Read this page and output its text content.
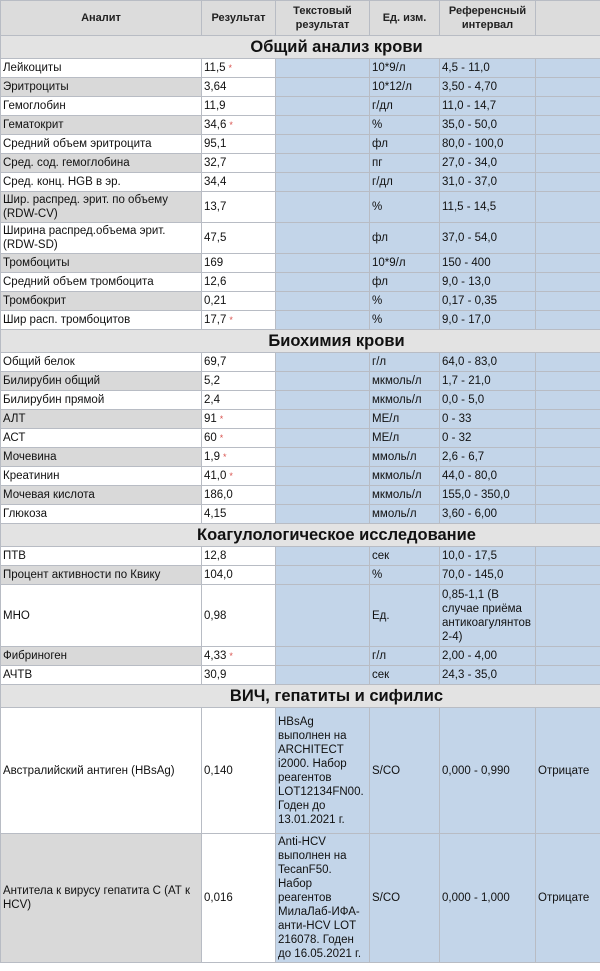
Аналит	Результат	Текстовый результат	Ед. изм.	Референсный интервал	
Общий анализ крови					
Лейкоциты	11,5 *		10*9/л	4,5 - 11,0	
Эритроциты	3,64		10*12/л	3,50 - 4,70	
Гемоглобин	11,9		г/дл	11,0 - 14,7	
Гематокрит	34,6 *		%	35,0 - 50,0	
Средний объем эритроцита	95,1		фл	80,0 - 100,0	
Сред. сод. гемоглобина	32,7		пг	27,0 - 34,0	
Сред. конц. HGB в эр.	34,4		г/дл	31,0 - 37,0	
Шир. распред. эрит. по объему (RDW-CV)	13,7		%	11,5 - 14,5	
Ширина распред.объема эрит. (RDW-SD)	47,5		фл	37,0 - 54,0	
Тромбоциты	169		10*9/л	150 - 400	
Средний объем тромбоцита	12,6		фл	9,0 - 13,0	
Тромбокрит	0,21		%	0,17 - 0,35	
Шир расп. тромбоцитов	17,7 *		%	9,0 - 17,0	
Биохимия крови					
Общий белок	69,7		г/л	64,0 - 83,0	
Билирубин общий	5,2		мкмоль/л	1,7 - 21,0	
Билирубин прямой	2,4		мкмоль/л	0,0 - 5,0	
АЛТ	91 *		МЕ/л	0 - 33	
АСТ	60 *		МЕ/л	0 - 32	
Мочевина	1,9 *		ммоль/л	2,6 - 6,7	
Креатинин	41,0 *		мкмоль/л	44,0 - 80,0	
Мочевая кислота	186,0		мкмоль/л	155,0 - 350,0	
Глюкоза	4,15		ммоль/л	3,60 - 6,00	
Коагулологическое исследование					
ПТВ	12,8		сек	10,0 - 17,5	
Процент активности по Квику	104,0		%	70,0 - 145,0	
МНО	0,98		Ед.	0,85-1,1 (В случае приёма антикоагулянтов 2-4)	
Фибриноген	4,33 *		г/л	2,00 - 4,00	
АЧТВ	30,9		сек	24,3 - 35,0	
ВИЧ, гепатиты и сифилис					
Австралийский антиген (HBsAg)	0,140	HBsAg выполнен на ARCHITECT i2000. Набор реагентов LOT12134FN00. Годен до 13.01.2021 г.	S/CO	0,000 - 0,990	Отрицате
Антитела к вирусу гепатита С (АТ к HCV)	0,016	Anti-HCV выполнен на TecanF50. Набор реагентов МилаЛаб-ИФА-анти-HCV LOT 216078. Годен до 16.05.2021 г.	S/CO	0,000 - 1,000	Отрицате
